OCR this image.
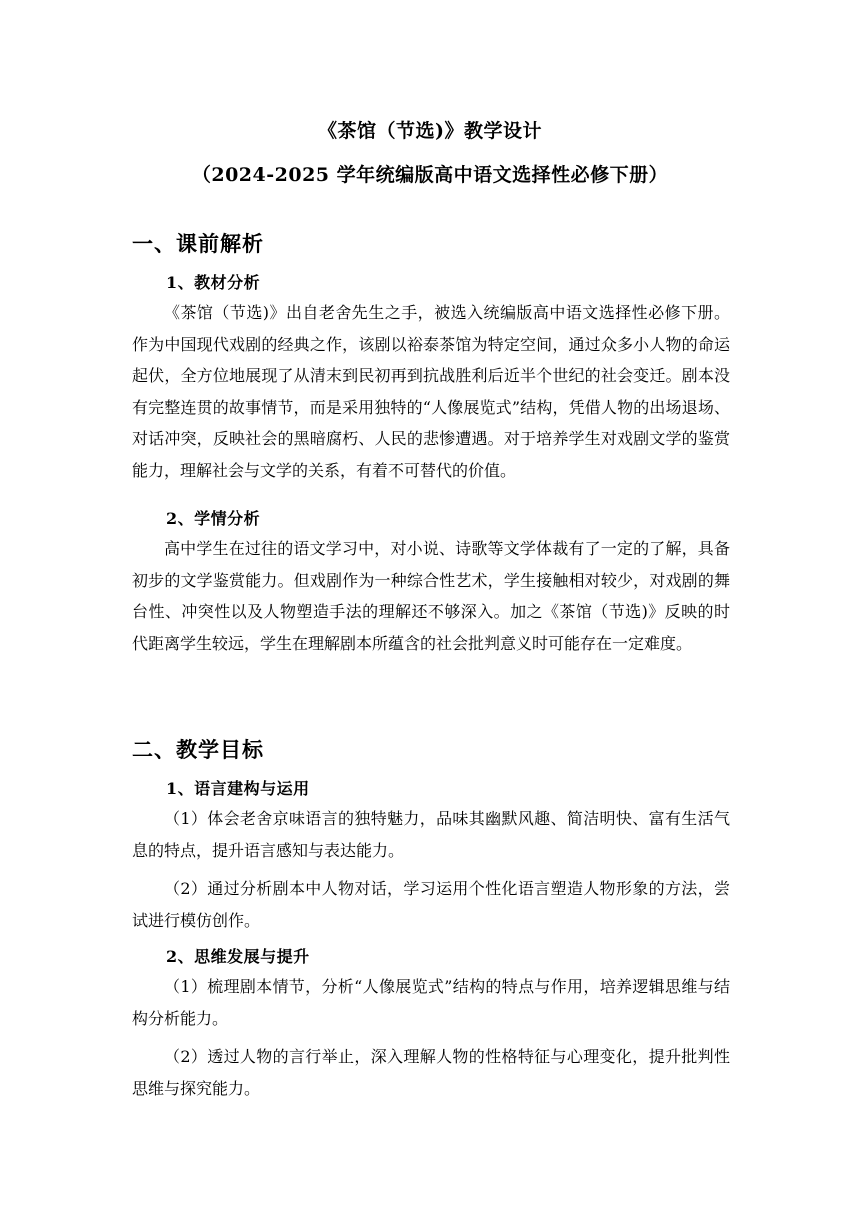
《茶馆（节选)》教学设计
（2024-2025 学年统编版高中语文选择性必修下册）
一、课前解析
1、教材分析

《茶馆（节选)》出自老舍先生之手，被选入统编版高中语文选择性必修下册。作为中国现代戏剧的经典之作，该剧以裕泰茶馆为特定空间，通过众多小人物的命运起伏，全方位地展现了从清末到民初再到抗战胜利后近半个世纪的社会变迁。剧本没有完整连贯的故事情节，而是采用独特的“人像展览式”结构，凭借人物的出场退场、对话冲突，反映社会的黑暗腐朽、人民的悲惨遭遇。对于培养学生对戏剧文学的鉴赏能力，理解社会与文学的关系，有着不可替代的价值。

2、学情分析

高中学生在过往的语文学习中，对小说、诗歌等文学体裁有了一定的了解，具备初步的文学鉴赏能力。但戏剧作为一种综合性艺术，学生接触相对较少，对戏剧的舞台性、冲突性以及人物塑造手法的理解还不够深入。加之《茶馆（节选)》反映的时代距离学生较远，学生在理解剧本所蕴含的社会批判意义时可能存在一定难度。

二、教学目标
1、语言建构与运用

（1）体会老舍京味语言的独特魅力，品味其幽默风趣、简洁明快、富有生活气息的特点，提升语言感知与表达能力。

（2）通过分析剧本中人物对话，学习运用个性化语言塑造人物形象的方法，尝试进行模仿创作。

2、思维发展与提升

（1）梳理剧本情节，分析“人像展览式”结构的特点与作用，培养逻辑思维与结构分析能力。

（2）透过人物的言行举止，深入理解人物的性格特征与心理变化，提升批判性思维与探究能力。
